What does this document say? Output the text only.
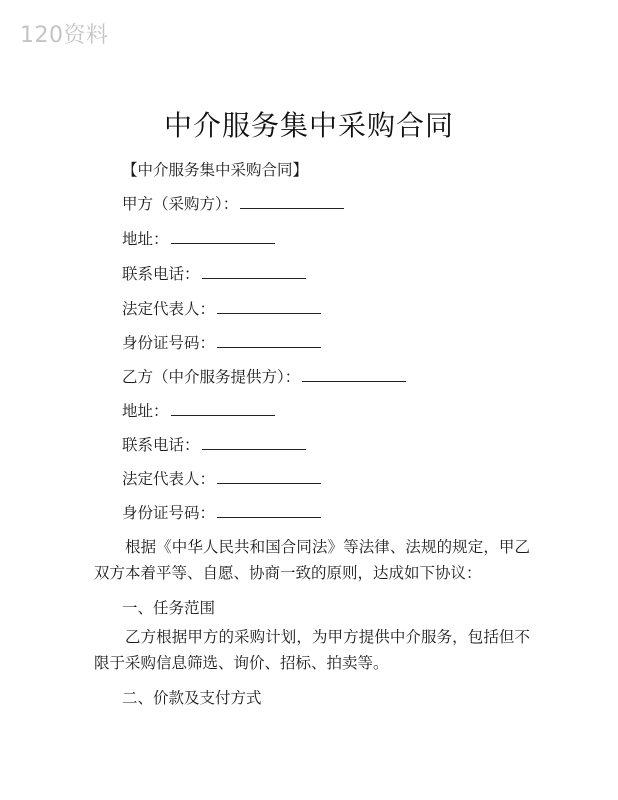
120资料
中介服务集中采购合同
【中介服务集中采购合同】
甲方（采购方）：
地址：
联系电话：
法定代表人：
身份证号码：
乙方（中介服务提供方）：
地址：
联系电话：
法定代表人：
身份证号码：
根据《中华人民共和国合同法》等法律、法规的规定，甲乙双方本着平等、自愿、协商一致的原则，达成如下协议：
一、任务范围
乙方根据甲方的采购计划，为甲方提供中介服务，包括但不限于采购信息筛选、询价、招标、拍卖等。
二、价款及支付方式
